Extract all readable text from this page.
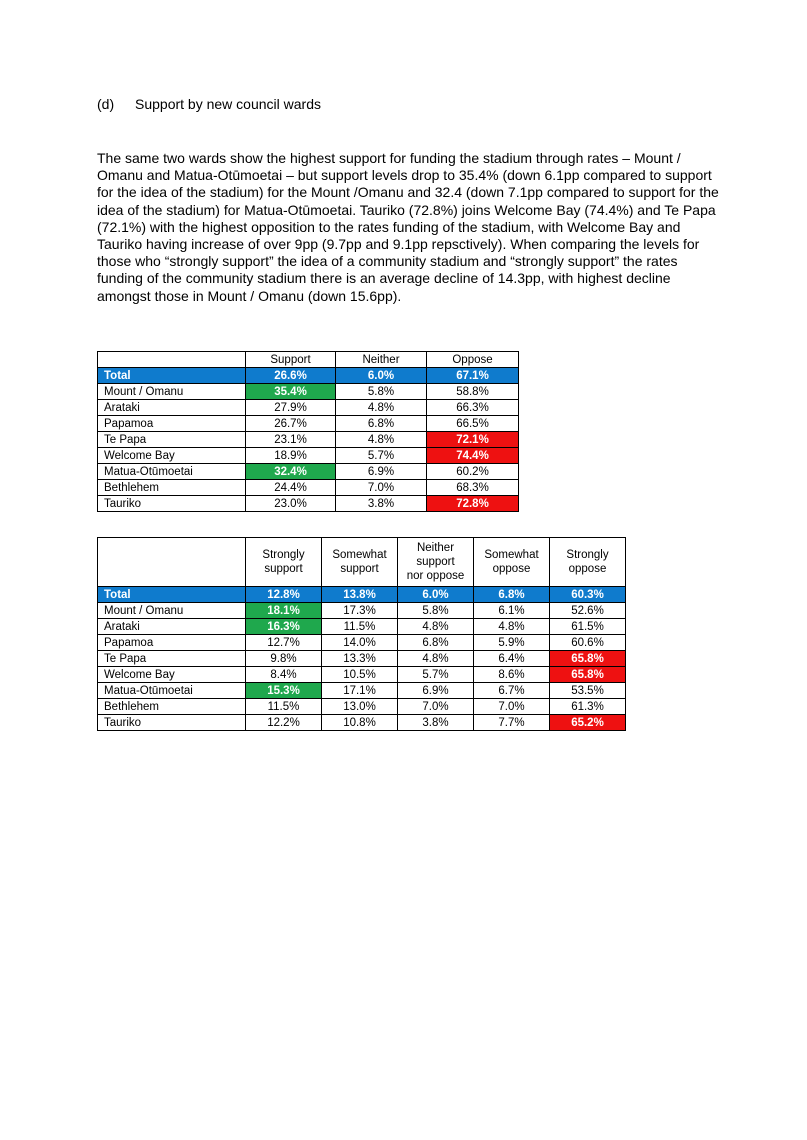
(d) Support by new council wards
The same two wards show the highest support for funding the stadium through rates – Mount / Omanu and Matua-Otūmoetai – but support levels drop to 35.4% (down 6.1pp compared to support for the idea of the stadium) for the Mount /Omanu and 32.4 (down 7.1pp compared to support for the idea of the stadium) for Matua-Otūmoetai. Tauriko (72.8%) joins Welcome Bay (74.4%) and Te Papa (72.1%) with the highest opposition to the rates funding of the stadium, with Welcome Bay and Tauriko having increase of over 9pp (9.7pp and 9.1pp repsctively). When comparing the levels for those who “strongly support” the idea of a community stadium and “strongly support” the rates funding of the community stadium there is an average decline of 14.3pp, with highest decline amongst those in Mount / Omanu (down 15.6pp).
	Support	Neither	Oppose
Total	26.6%	6.0%	67.1%
Mount / Omanu	35.4%	5.8%	58.8%
Arataki	27.9%	4.8%	66.3%
Papamoa	26.7%	6.8%	66.5%
Te Papa	23.1%	4.8%	72.1%
Welcome Bay	18.9%	5.7%	74.4%
Matua-Otūmoetai	32.4%	6.9%	60.2%
Bethlehem	24.4%	7.0%	68.3%
Tauriko	23.0%	3.8%	72.8%
	Strongly
support	Somewhat
support	Neither
support
nor oppose	Somewhat
oppose	Strongly
oppose
Total	12.8%	13.8%	6.0%	6.8%	60.3%
Mount / Omanu	18.1%	17.3%	5.8%	6.1%	52.6%
Arataki	16.3%	11.5%	4.8%	4.8%	61.5%
Papamoa	12.7%	14.0%	6.8%	5.9%	60.6%
Te Papa	9.8%	13.3%	4.8%	6.4%	65.8%
Welcome Bay	8.4%	10.5%	5.7%	8.6%	65.8%
Matua-Otūmoetai	15.3%	17.1%	6.9%	6.7%	53.5%
Bethlehem	11.5%	13.0%	7.0%	7.0%	61.3%
Tauriko	12.2%	10.8%	3.8%	7.7%	65.2%
